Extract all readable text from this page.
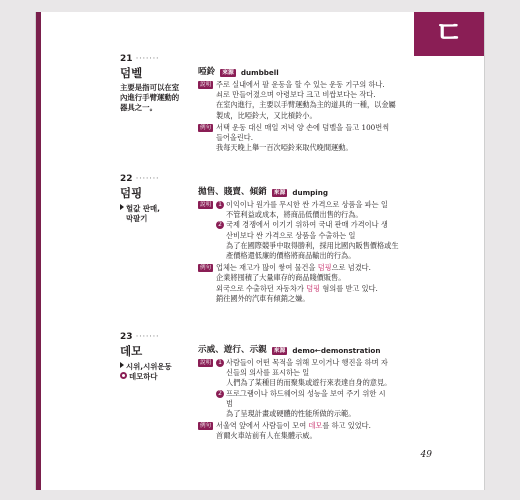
ㄷ
21 ·······
덤벨
主要是指可以在室
內進行手臂運動的
器具之一。
啞鈴	來源 dumbbell
說明 주로 실내에서 팔 운동을 할 수 있는 운동 기구의 하나.
쇠로 만들어졌으며 아령보다 크고 비쌉보다는 작다.
在室內進行，主要以手臂運動為主的道具的一種，以金屬
製成，比啞鈴大，又比槓鈴小。
例句 서택 운동 대신 매일 저녁 양 손에 덤벨을 들고 100번씩
들어올린다.
我每天晚上舉一百次啞鈴來取代晚間運動。
22 ·······
덤핑
헐값 판매,
막팔기
拋售、賤賣、傾銷	來源 dumping
說明	1 이익이나 원가를 무시한 싼 가격으로 상품을 파는 일
不管利益或成本，將商品低價出售的行為。
2 국제 경쟁에서 이기기 위하여 국내 판매 가격이나 생
산비보다 싼 가격으로 상품을 수출하는 일
為了在國際競爭中取得勝利，採用比國內販售價格或生
產價格還低廉的價格將商品輸出的行為。
例句 업체는 재고가 많이 쌓여 물건을 덤핑으로 넘겼다.
企業將囤積了大量庫存的商品賤價販售。
외국으로 수출하던 자동차가 덤핑 혐의를 받고 있다.
銷往國外的汽車有傾銷之嫌。
23 ·······
데모
시위,시위운동
데모하다
示威、遊行、示親	來源 demo←demonstration
說明	1 사람들이 어떤 목적을 위해 모이거나 행진을 하며 자
신들의 의사를 표시하는 일
人們為了某種目的而聚集或遊行來表達自身的意見。
2 프로그램이나 하드웨어의 성능을 보여 주기 위한 시
범
為了呈現計畫或硬體的性能所做的示範。
例句 서울역 앞에서 사람들이 모여 데모를 하고 있었다.
首爾火車站前有人在集體示威。
49
